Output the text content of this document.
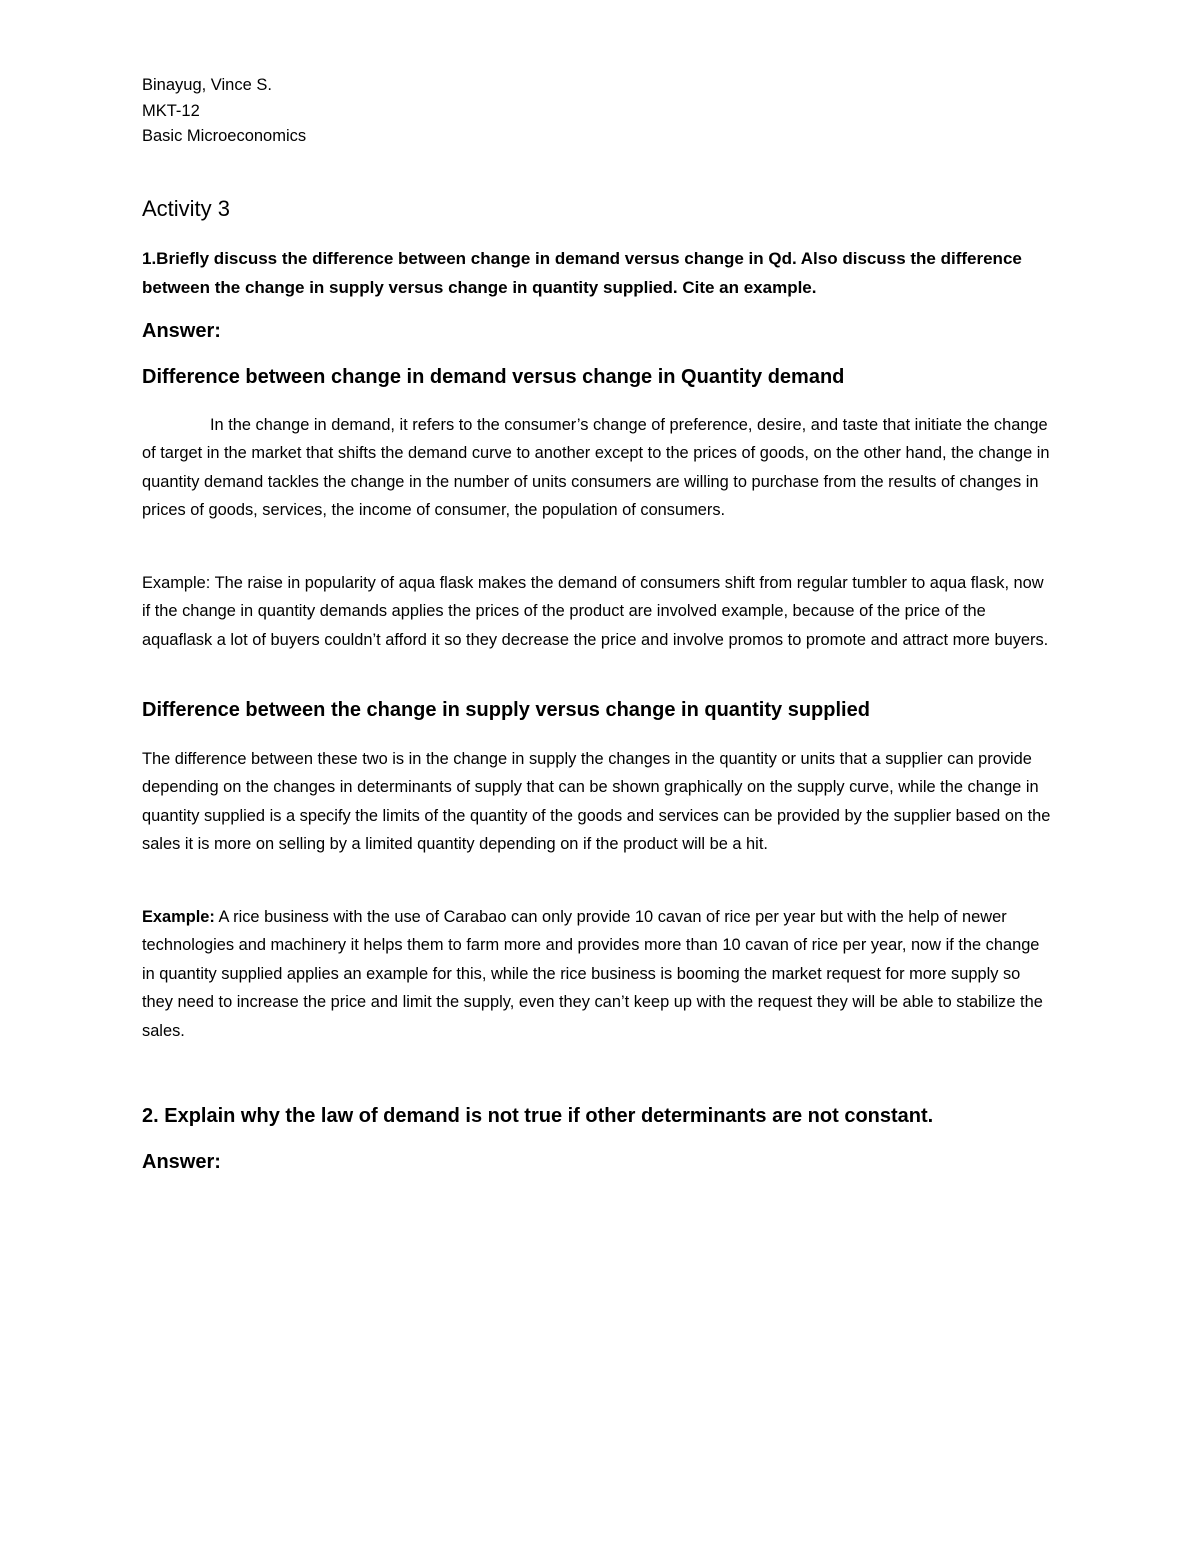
Binayug, Vince S.

MKT-12

Basic Microeconomics

Activity 3

1.Briefly discuss the difference between change in demand versus change in Qd. Also discuss the difference between the change in supply versus change in quantity supplied. Cite an example.

Answer:

Difference between change in demand versus change in Quantity demand

In the change in demand, it refers to the consumer’s change of preference, desire, and taste that initiate the change of target in the market that shifts the demand curve to another except to the prices of goods, on the other hand, the change in quantity demand tackles the change in the number of units consumers are willing to purchase from the results of changes in prices of goods, services, the income of consumer, the population of consumers.

Example: The raise in popularity of aqua flask makes the demand of consumers shift from regular tumbler to aqua flask, now if the change in quantity demands applies the prices of the product are involved example, because of the price of the aquaflask a lot of buyers couldn’t afford it so they decrease the price and involve promos to promote and attract more buyers.

Difference between the change in supply versus change in quantity supplied

The difference between these two is in the change in supply the changes in the quantity or units that a supplier can provide depending on the changes in determinants of supply that can be shown graphically on the supply curve, while the change in quantity supplied is a specify the limits of the quantity of the goods and services can be provided by the supplier based on the sales it is more on selling by a limited quantity depending on if the product will be a hit.

Example: A rice business with the use of Carabao can only provide 10 cavan of rice per year but with the help of newer technologies and machinery it helps them to farm more and provides more than 10 cavan of rice per year, now if the change in quantity supplied applies an example for this, while the rice business is booming the market request for more supply so they need to increase the price and limit the supply, even they can’t keep up with the request they will be able to stabilize the sales.

2. Explain why the law of demand is not true if other determinants are not constant.

Answer:
